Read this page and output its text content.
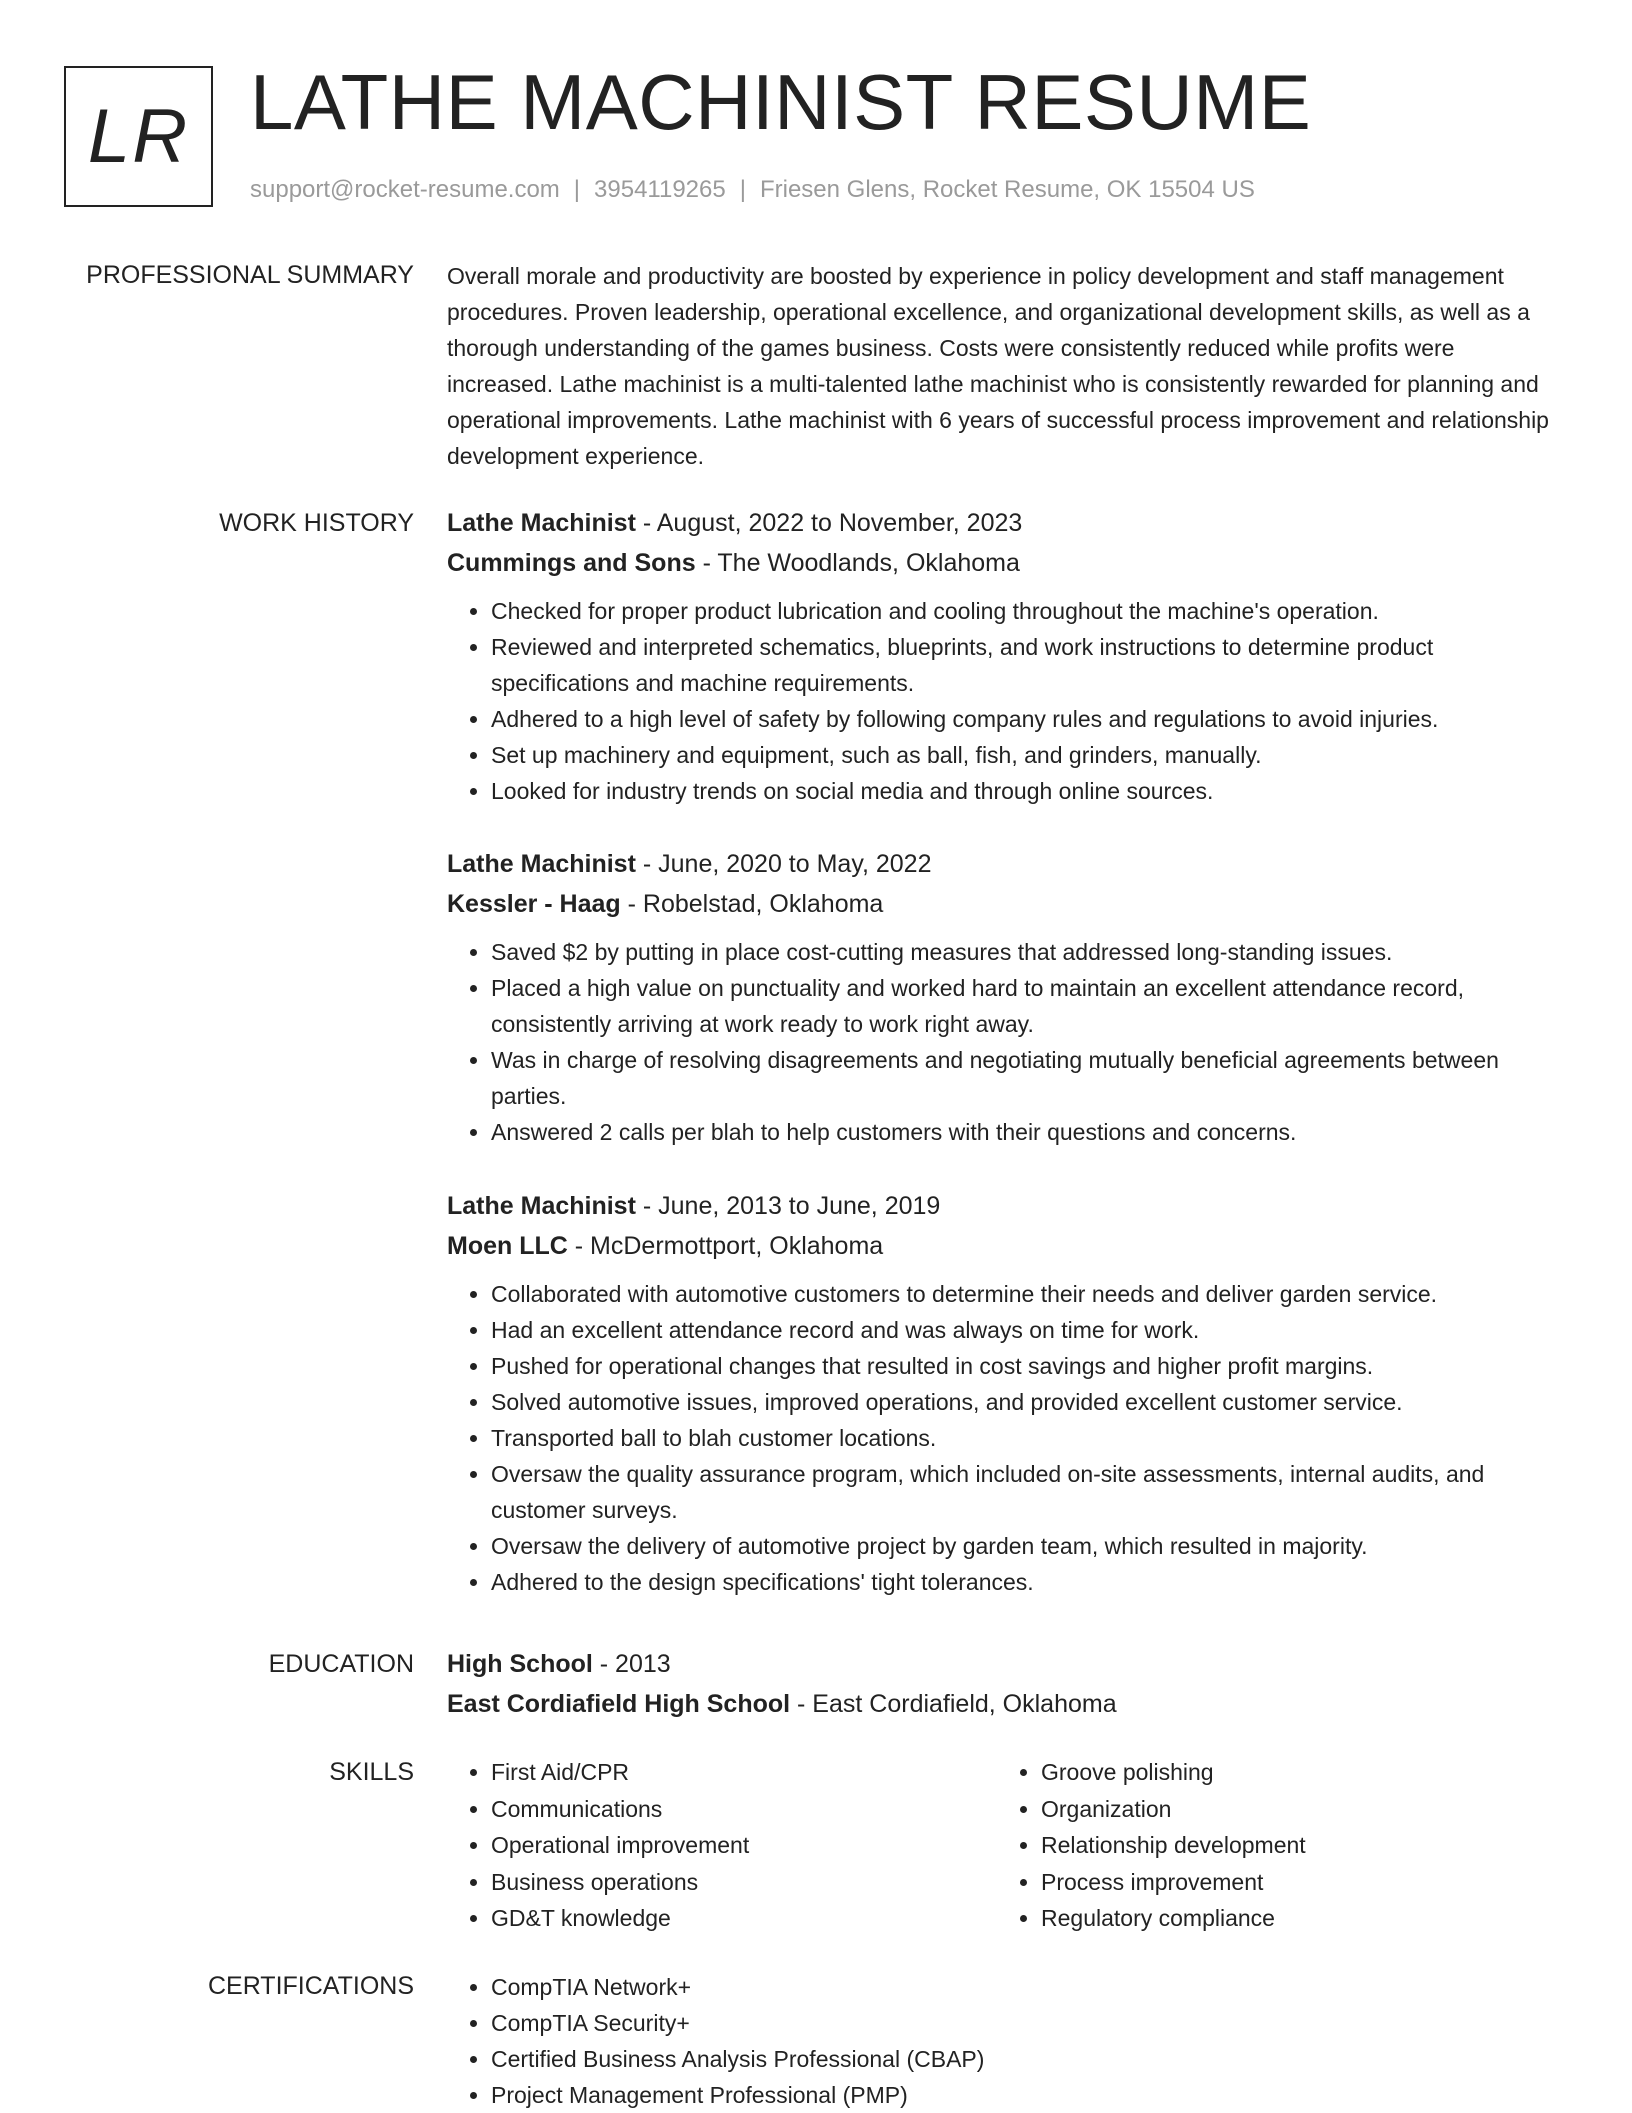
LR LATHE MACHINIST RESUME
support@rocket-resume.com | 3954119265 | Friesen Glens, Rocket Resume, OK 15504 US
PROFESSIONAL SUMMARY Overall morale and productivity are boosted by experience in policy development and staff management procedures. Proven leadership, operational excellence, and organizational development skills, as well as a thorough understanding of the games business. Costs were consistently reduced while profits were increased. Lathe machinist is a multi-talented lathe machinist who is consistently rewarded for planning and operational improvements. Lathe machinist with 6 years of successful process improvement and relationship development experience.

WORK HISTORY Lathe Machinist - August, 2022 to November, 2023
Cummings and Sons - The Woodlands, Oklahoma
• Checked for proper product lubrication and cooling throughout the machine's operation.
• Reviewed and interpreted schematics, blueprints, and work instructions to determine product specifications and machine requirements.
• Adhered to a high level of safety by following company rules and regulations to avoid injuries.
• Set up machinery and equipment, such as ball, fish, and grinders, manually.
• Looked for industry trends on social media and through online sources.
Lathe Machinist - June, 2020 to May, 2022
Kessler - Haag - Robelstad, Oklahoma
• Saved $2 by putting in place cost-cutting measures that addressed long-standing issues.
• Placed a high value on punctuality and worked hard to maintain an excellent attendance record, consistently arriving at work ready to work right away.
• Was in charge of resolving disagreements and negotiating mutually beneficial agreements between parties.
• Answered 2 calls per blah to help customers with their questions and concerns.
Lathe Machinist - June, 2013 to June, 2019
Moen LLC - McDermottport, Oklahoma
• Collaborated with automotive customers to determine their needs and deliver garden service.
• Had an excellent attendance record and was always on time for work.
• Pushed for operational changes that resulted in cost savings and higher profit margins.
• Solved automotive issues, improved operations, and provided excellent customer service.
• Transported ball to blah customer locations.
• Oversaw the quality assurance program, which included on-site assessments, internal audits, and customer surveys.
• Oversaw the delivery of automotive project by garden team, which resulted in majority.
• Adhered to the design specifications' tight tolerances.
EDUCATION High School - 2013
East Cordiafield High School - East Cordiafield, Oklahoma
SKILLS	• First Aid/CPR
• Communications
• Operational improvement
• Business operations
• GD&T knowledge
• Groove polishing
• Organization
• Relationship development
• Process improvement
• Regulatory compliance
CERTIFICATIONS	• CompTIA Network+
• CompTIA Security+
• Certified Business Analysis Professional (CBAP)
• Project Management Professional (PMP)
